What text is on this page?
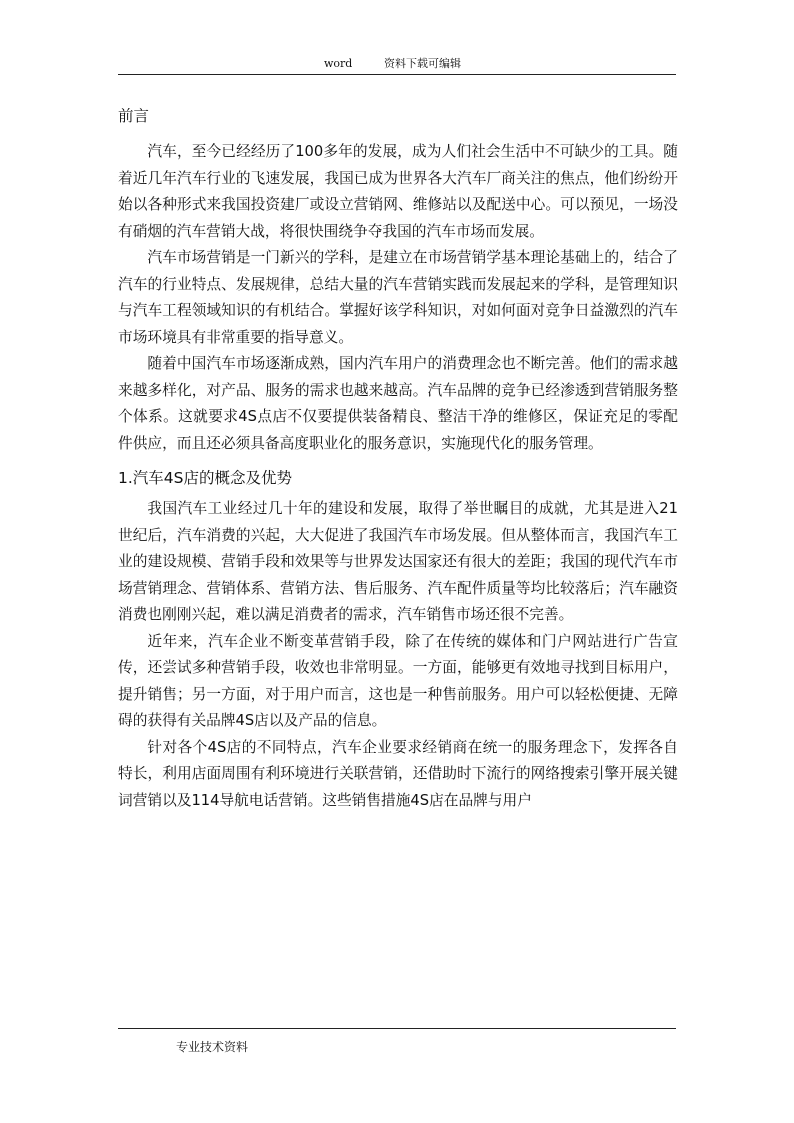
word	资料下载可编辑
前言

汽车，至今已经经历了100多年的发展，成为人们社会生活中不可缺少的工具。随着近几年汽车行业的飞速发展，我国已成为世界各大汽车厂商关注的焦点，他们纷纷开始以各种形式来我国投资建厂或设立营销网、维修站以及配送中心。可以预见，一场没有硝烟的汽车营销大战，将很快围绕争夺我国的汽车市场而发展。

汽车市场营销是一门新兴的学科，是建立在市场营销学基本理论基础上的，结合了汽车的行业特点、发展规律，总结大量的汽车营销实践而发展起来的学科，是管理知识与汽车工程领域知识的有机结合。掌握好该学科知识，对如何面对竞争日益激烈的汽车市场环境具有非常重要的指导意义。

随着中国汽车市场逐渐成熟，国内汽车用户的消费理念也不断完善。他们的需求越来越多样化，对产品、服务的需求也越来越高。汽车品牌的竞争已经渗透到营销服务整个体系。这就要求4S点店不仅要提供装备精良、整洁干净的维修区，保证充足的零配件供应，而且还必须具备高度职业化的服务意识，实施现代化的服务管理。

1.汽车4S店的概念及优势

我国汽车工业经过几十年的建设和发展，取得了举世瞩目的成就，尤其是进入21世纪后，汽车消费的兴起，大大促进了我国汽车市场发展。但从整体而言，我国汽车工业的建设规模、营销手段和效果等与世界发达国家还有很大的差距；我国的现代汽车市场营销理念、营销体系、营销方法、售后服务、汽车配件质量等均比较落后；汽车融资消费也刚刚兴起，难以满足消费者的需求，汽车销售市场还很不完善。

近年来，汽车企业不断变革营销手段，除了在传统的媒体和门户网站进行广告宣传，还尝试多种营销手段，收效也非常明显。一方面，能够更有效地寻找到目标用户，提升销售；另一方面，对于用户而言，这也是一种售前服务。用户可以轻松便捷、无障碍的获得有关品牌4S店以及产品的信息。

针对各个4S店的不同特点，汽车企业要求经销商在统一的服务理念下，发挥各自特长，利用店面周围有利环境进行关联营销，还借助时下流行的网络搜索引擎开展关键词营销以及114导航电话营销。这些销售措施4S店在品牌与用户

专业技术资料
